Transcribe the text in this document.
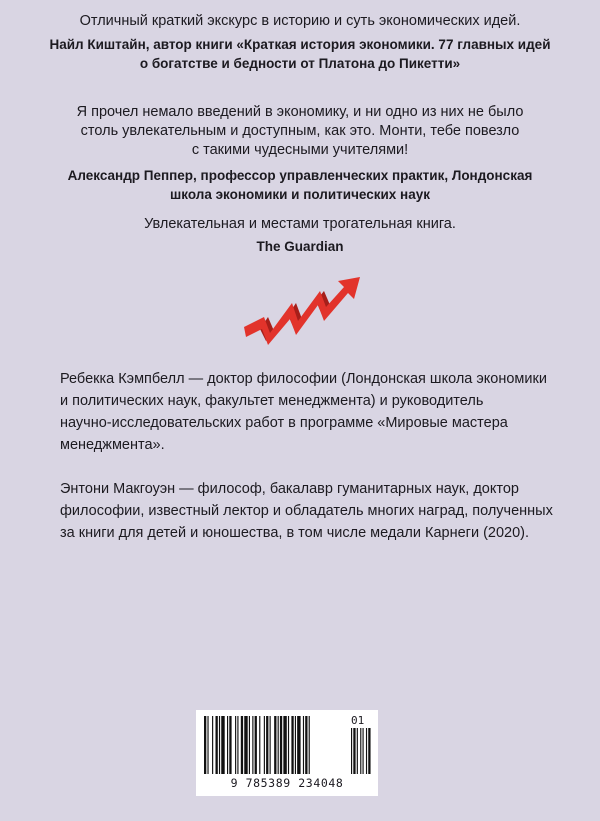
Отличный краткий экскурс в историю и суть экономических идей.
Найл Киштайн, автор книги «Краткая история экономики. 77 главных идей
о богатстве и бедности от Платона до Пикетти»
Я прочел немало введений в экономику, и ни одно из них не было
столь увлекательным и доступным, как это. Монти, тебе повезло
с такими чудесными учителями!
Александр Пеппер, профессор управленческих практик, Лондонская
школа экономики и политических наук
Увлекательная и местами трогательная книга.
The Guardian
Ребекка Кэмпбелл — доктор философии (Лондонская школа экономики
и политических наук, факультет менеджмента) и руководитель
научно-исследовательских работ в программе «Мировые мастера
менеджмента».
Энтони Макгоуэн — философ, бакалавр гуманитарных наук, доктор
философии, известный лектор и обладатель многих наград, полученных
за книги для детей и юношества, в том числе медали Карнеги (2020).
01
9 785389 234048
